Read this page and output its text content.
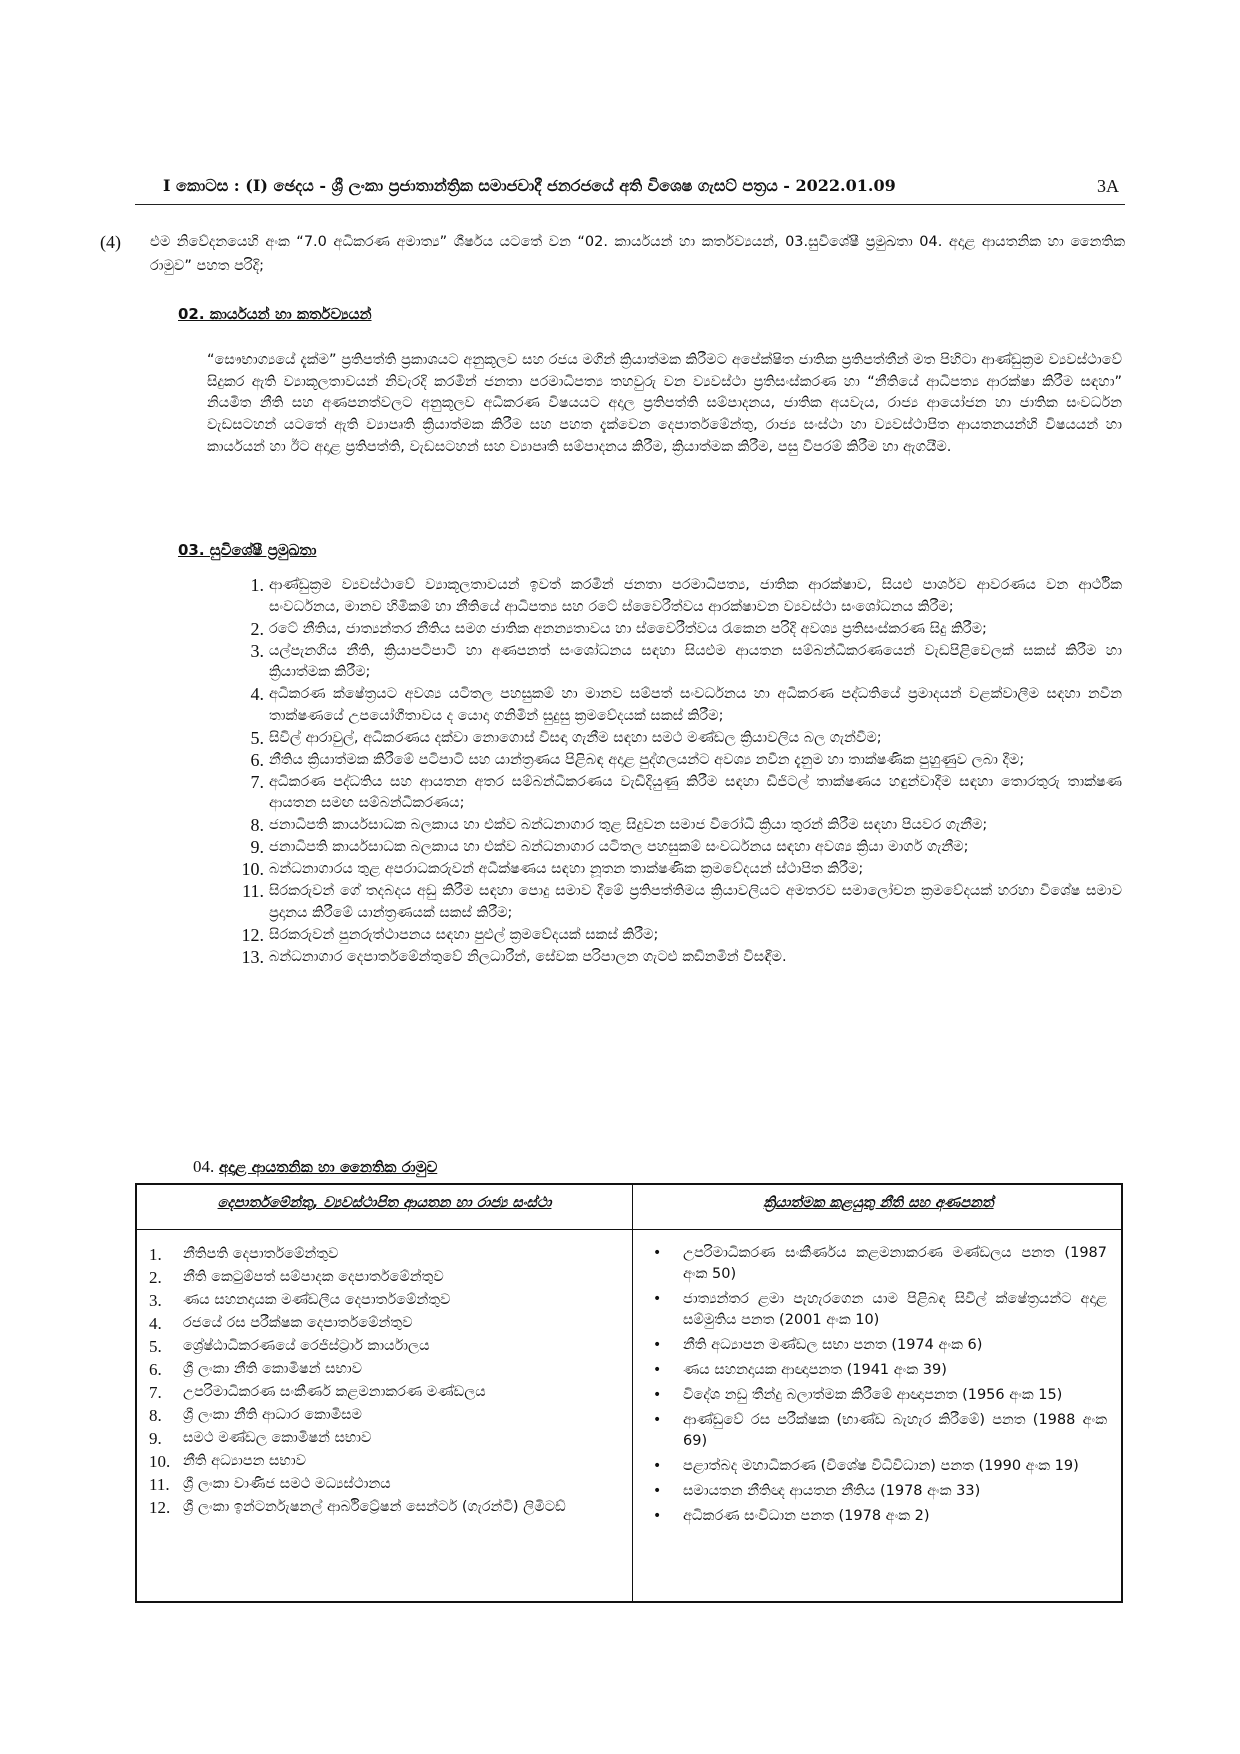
I කොටස : (I) ඡෙදය - ශ්‍රී ලංකා ප්‍රජාතාන්ත්‍රික සමාජවාදී ජනරජයේ අති විශෙෂ ගැසට් පත්‍රය - 2022.01.09	3A
(4) එම නිවේදනයෙහි අංක “7.0 අධිකරණ අමාත්‍ය” ශීර්ෂය යටතේ වන “02. කාර්යයන් හා කර්තව්‍යයන්, 03.සුවිශේෂී ප්‍රමුඛතා 04. අදාළ ආයතනික හා නෛතික රාමුව” පහත පරිදි;
02. කාර්යයන් හා කර්තව්‍යයන්
“සෞභාග්‍යයේ දැක්ම” ප්‍රතිපත්ති ප්‍රකාශයට අනුකූලව සහ රජය මගින් ක්‍රියාත්මක කිරීමට අපේක්ෂිත ජාතික ප්‍රතිපත්තීන් මත පිහිටා ආණ්ඩුක්‍රම ව්‍යවස්ථාවේ සිදුකර ඇති ව්‍යාකූලතාවයන් නිවැරදි කරමින් ජනතා පරමාධිපත්‍ය තහවුරු වන ව්‍යවස්ථා ප්‍රතිසංස්කරණ හා “නීතියේ ආධිපත්‍ය ආරක්ෂා කිරීම සඳහා” නියමිත නීති සහ අණපනත්වලට අනුකූලව අධිකරණ විෂයයට අදාල ප්‍රතිපත්ති සම්පාදනය, ජාතික අයවැය, රාජ්‍ය ආයෝජන හා ජාතික සංවර්ධන වැඩසටහන් යටතේ ඇති ව්‍යාපෘති ක්‍රියාත්මක කිරීම සහ පහත දැක්වෙන දෙපාර්තමේන්තු, රාජ්‍ය සංස්ථා හා ව්‍යවස්ථාපිත ආයතනයන්හි විෂයයන් හා කාර්යයන් හා ඊට අදාළ ප්‍රතිපත්ති, වැඩසටහන් සහ ව්‍යාපෘති සම්පාදනය කිරීම, ක්‍රියාත්මක කිරීම, පසු විපරම් කිරීම හා ඇගයීම.
03. සුවිශේෂී ප්‍රමුඛතා
1. ආණ්ඩුක්‍රම ව්‍යවස්ථාවේ ව්‍යාකූලතාවයන් ඉවත් කරමින් ජනතා පරමාධිපත්‍ය, ජාතික ආරක්ෂාව, සියළු පාර්ශව ආවරණය වන ආර්ථික සංවර්ධනය, මානව හිමිකම් හා නීතියේ ආධිපත්‍ය සහ රටේ ස්වෛරීත්වය ආරක්ෂාවන ව්‍යවස්ථා සංශෝධනය කිරීම;
2. රටේ නීතිය, ජාත්‍යන්තර නීතිය සමග ජාතික අනන්‍යතාවය හා ස්වෛරීත්වය රැකෙන පරිදි අවශ්‍ය ප්‍රතිසංස්කරණ සිදු කිරීම;
3. යල්පැනගිය නීති, ක්‍රියාපටිපාටි හා අණපනත් සංශෝධනය සඳහා සියළුම ආයතන සම්බන්ධීකරණයෙන් වැඩපිළිවෙලක් සකස් කිරීම හා ක්‍රියාත්මක කිරීම;
4. අධිකරණ ක්ෂේත්‍රයට අවශ්‍ය යටිතල පහසුකම් හා මානව සම්පත් සංවර්ධනය හා අධිකරණ පද්ධතියේ ප්‍රමාදයන් වළක්වාලීම සඳහා නවීන තාක්ෂණයේ උපයෝගීතාවය ද යොදා ගනිමින් සුදුසු ක්‍රමවේදයක් සකස් කිරීම;
5. සිවිල් ආරාවුල්, අධිකරණය දක්වා නොගොස් විසඳා ගැනීම සඳහා සමථ මණ්ඩල ක්‍රියාවලිය බල ගැන්වීම;
6. නීතිය ක්‍රියාත්මක කිරීමේ පටිපාටි සහ යාන්ත්‍රණය පිළිබඳ අදාළ පුද්ගලයන්ට අවශ්‍ය නවීන දැනුම හා තාක්ෂණික පුහුණුව ලබා දීම;
7. අධිකරණ පද්ධතිය සහ ආයතන අතර සම්බන්ධීකරණය වැඩිදියුණු කිරීම සඳහා ඩිජිටල් තාක්ෂණය හඳුන්වාදීම සඳහා තොරතුරු තාක්ෂණ ආයතන සමඟ සම්බන්ධීකරණය;
8. ජනාධිපති කාර්යසාධක බලකාය හා එක්ව බන්ධනාගාර තුළ සිදුවන සමාජ විරෝධී ක්‍රියා තුරන් කිරීම සඳහා පියවර ගැනීම;
9. ජනාධිපති කාර්යසාධක බලකාය හා එක්ව බන්ධනාගාර යටිතල පහසුකම් සංවර්ධනය සඳහා අවශ්‍ය ක්‍රියා මාර්ග ගැනීම;
10. බන්ධනාගාරය තුළ අපරාධකරුවන් අධීක්ෂණය සඳහා නූතන තාක්ෂණික ක්‍රමවේදයන් ස්ථාපිත කිරීම;
11. සිරකරුවන් ගේ තදබදය අඩු කිරීම සඳහා පොදු සමාව දීමේ ප්‍රතිපත්තිමය ක්‍රියාවලියට අමතරව සමාලෝචන ක්‍රමවේදයක් හරහා විශේෂ සමාව ප්‍රදානය කිරීමේ යාන්ත්‍රණයක් සකස් කිරීම;
12. සිරකරුවන් පුනරුත්ථාපනය සඳහා පුළුල් ක්‍රමවේදයක් සකස් කිරීම;
13. බන්ධනාගාර දෙපාර්තමේන්තුවේ නිලධාරීන්, සේවක පරිපාලන ගැටළු කඩිනමින් විසඳීම.
04. අදාළ ආයතනික හා නෛතික රාමුව
දෙපාර්තමේන්තු, ව්‍යවස්ථාපිත ආයතන හා රාජ්‍ය සංස්ථා	ක්‍රියාත්මක කළයුතු නීති සහ අණපනත්
1. නීතිපති දෙපාර්තමේන්තුව
2. නීති කෙටුම්පත් සම්පාදක දෙපාර්තමේන්තුව
3. ණය සහනදායක මණ්ඩලීය දෙපාර්තමේන්තුව
4. රජයේ රස පරීක්ෂක දෙපාර්තමේන්තුව
5. ශ්‍රේෂ්ඨාධිකරණයේ රෙජිස්ට්‍රාර් කාර්යාලය
6. ශ්‍රී ලංකා නීති කොමිෂන් සභාව
7. උපරිමාධිකරණ සංකීර්ණ කළමනාකරණ මණ්ඩලය
8. ශ්‍රී ලංකා නීති ආධාර කොමිසම
9. සමථ මණ්ඩල කොමිෂන් සභාව
10. නීති අධ්‍යාපන සභාව
11. ශ්‍රී ලංකා වාණිජ සමථ මධ්‍යස්ථානය
12. ශ්‍රී ලංකා ඉන්ටර්නැෂනල් ආර්බිට්‍රේෂන් සෙන්ටර් (ගැරන්ටි) ලිමිටඩ්
• උපරිමාධිකරණ සංකීර්ණය කළමනාකරණ මණ්ඩලය පනත (1987 අංක 50)
• ජාත්‍යන්තර ළමා පැහැරගෙන යාම පිළිබඳ සිවිල් ක්ෂේත්‍රයන්ට අදාළ සම්මුතිය පනත (2001 අංක 10)
• නීති අධ්‍යාපන මණ්ඩල සභා පනත (1974 අංක 6)
• ණය සහනදායක ආඥාපනත (1941 අංක 39)
• විදේශ නඩු තීන්දු බලාත්මක කිරීමේ ආඥාපනත (1956 අංක 15)
• ආණ්ඩුවේ රස පරීක්ෂක (භාණ්ඩ බැහැර කිරීමේ) පනත (1988 අංක 69)
• පළාත්බද මහාධිකරණ (විශේෂ විධිවිධාන) පනත (1990 අංක 19)
• සමායතන නීතිඥ ආයතන නීතිය (1978 අංක 33)
• අධිකරණ සංවිධාන පනත (1978 අංක 2)
